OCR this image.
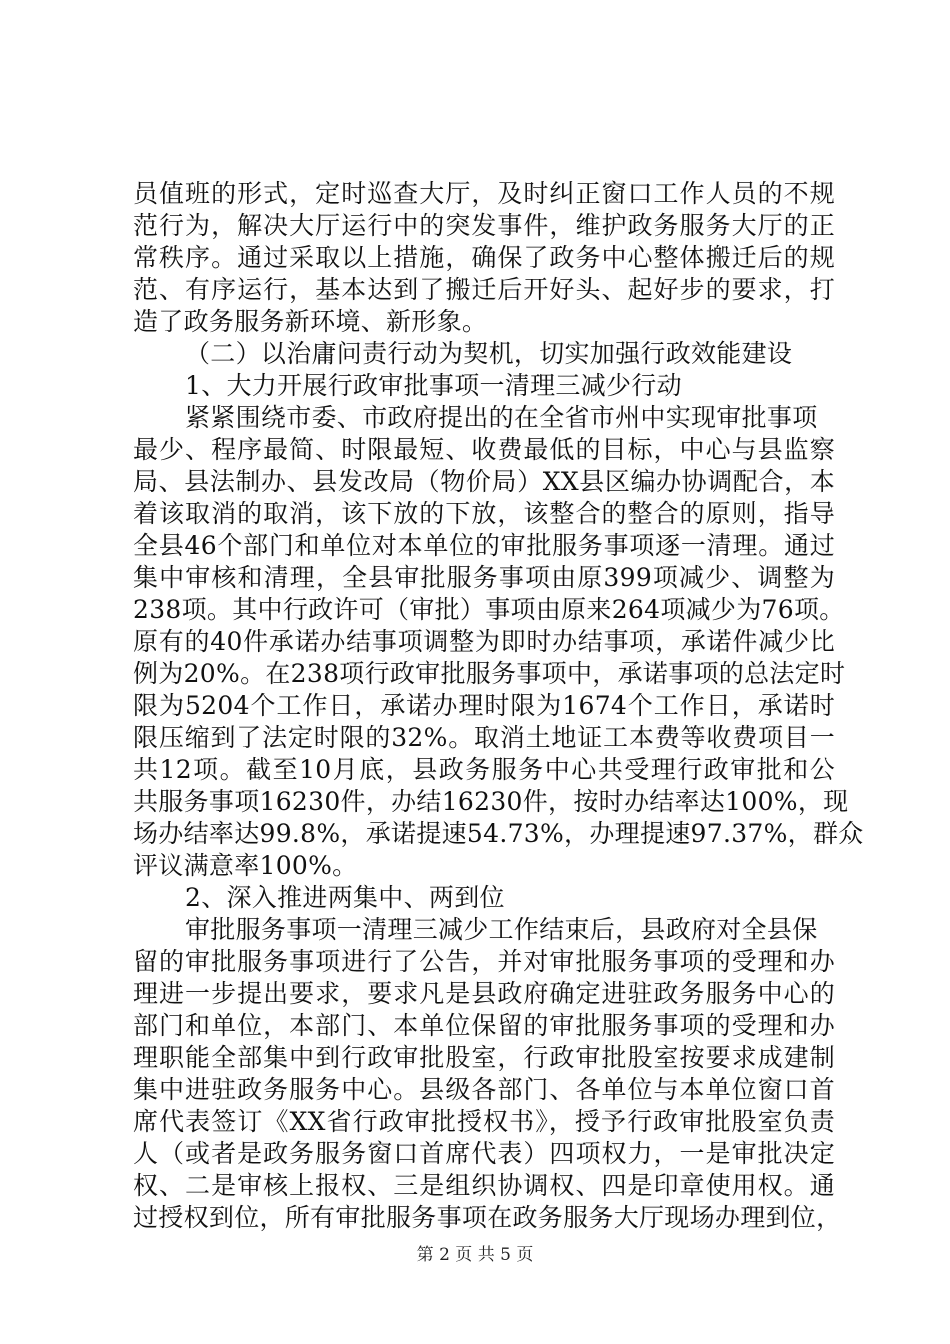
员值班的形式，定时巡查大厅，及时纠正窗口工作人员的不规
范行为，解决大厅运行中的突发事件，维护政务服务大厅的正
常秩序。通过采取以上措施，确保了政务中心整体搬迁后的规
范、有序运行，基本达到了搬迁后开好头、起好步的要求，打
造了政务服务新环境、新形象。
（二）以治庸问责行动为契机，切实加强行政效能建设
1、大力开展行政审批事项一清理三减少行动
紧紧围绕市委、市政府提出的在全省市州中实现审批事项
最少、程序最简、时限最短、收费最低的目标，中心与县监察
局、县法制办、县发改局（物价局）XX县区编办协调配合，本
着该取消的取消，该下放的下放，该整合的整合的原则，指导
全县46个部门和单位对本单位的审批服务事项逐一清理。通过
集中审核和清理，全县审批服务事项由原399项减少、调整为
238项。其中行政许可（审批）事项由原来264项减少为76项。
原有的40件承诺办结事项调整为即时办结事项，承诺件减少比
例为20%。在238项行政审批服务事项中，承诺事项的总法定时
限为5204个工作日，承诺办理时限为1674个工作日，承诺时
限压缩到了法定时限的32%。取消土地证工本费等收费项目一
共12项。截至10月底，县政务服务中心共受理行政审批和公
共服务事项16230件，办结16230件，按时办结率达100%，现
场办结率达99.8%，承诺提速54.73%，办理提速97.37%，群众
评议满意率100%。
2、深入推进两集中、两到位
审批服务事项一清理三减少工作结束后，县政府对全县保
留的审批服务事项进行了公告，并对审批服务事项的受理和办
理进一步提出要求，要求凡是县政府确定进驻政务服务中心的
部门和单位，本部门、本单位保留的审批服务事项的受理和办
理职能全部集中到行政审批股室，行政审批股室按要求成建制
集中进驻政务服务中心。县级各部门、各单位与本单位窗口首
席代表签订《XX省行政审批授权书》，授予行政审批股室负责
人（或者是政务服务窗口首席代表）四项权力，一是审批决定
权、二是审核上报权、三是组织协调权、四是印章使用权。通
过授权到位，所有审批服务事项在政务服务大厅现场办理到位，
第 2 页 共 5 页
